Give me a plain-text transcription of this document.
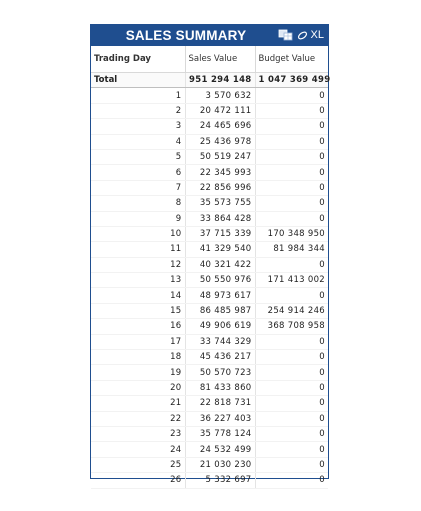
SALES SUMMARY	XL
Trading Day	Sales Value	Budget Value
Total	951 294 148	1 047 369 499
1	3 570 632	0
2	20 472 111	0
3	24 465 696	0
4	25 436 978	0
5	50 519 247	0
6	22 345 993	0
7	22 856 996	0
8	35 573 755	0
9	33 864 428	0
10	37 715 339	170 348 950
11	41 329 540	81 984 344
12	40 321 422	0
13	50 550 976	171 413 002
14	48 973 617	0
15	86 485 987	254 914 246
16	49 906 619	368 708 958
17	33 744 329	0
18	45 436 217	0
19	50 570 723	0
20	81 433 860	0
21	22 818 731	0
22	36 227 403	0
23	35 778 124	0
24	24 532 499	0
25	21 030 230	0
26	5 332 697	0
